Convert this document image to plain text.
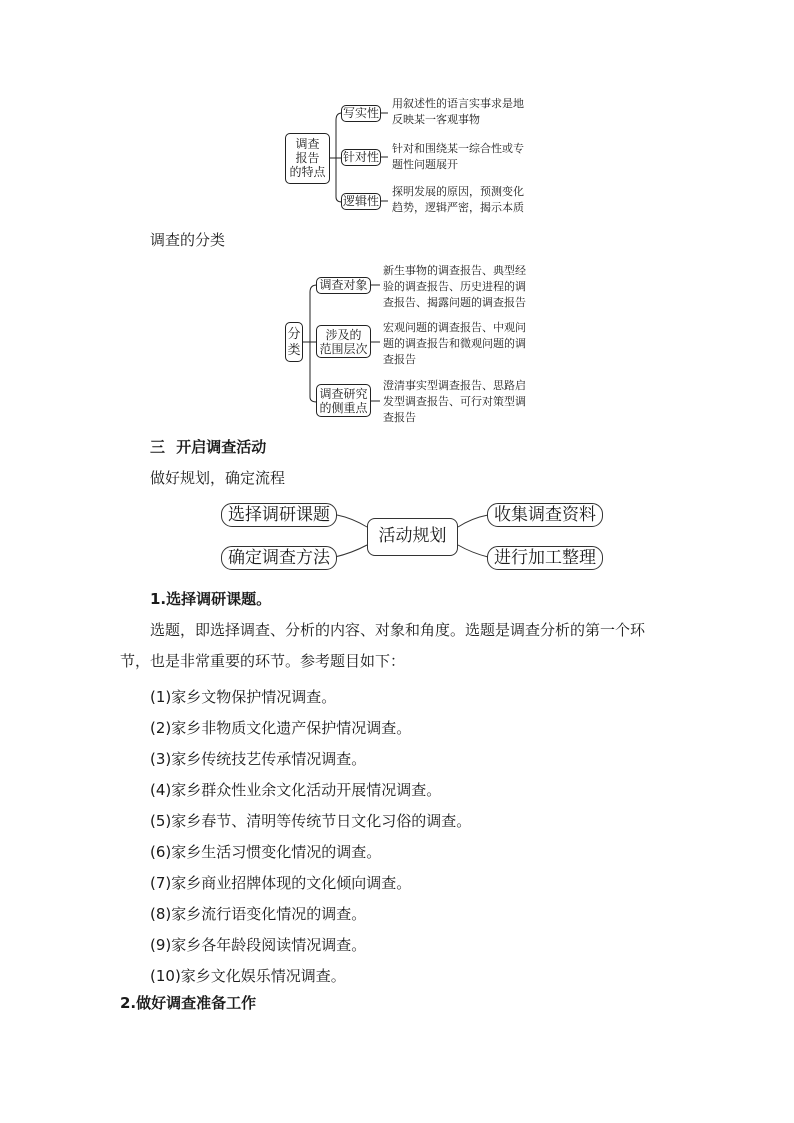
调查
报告
的特点
写实性
用叙述性的语言实事求是地
反映某一客观事物
针对性
针对和围绕某一综合性或专
题性问题展开
逻辑性
探明发展的原因，预测变化
趋势，逻辑严密，揭示本质
调查的分类
分
类
调查对象
新生事物的调查报告、典型经
验的调查报告、历史进程的调
查报告、揭露问题的调查报告
涉及的
范围层次
宏观问题的调查报告、中观问
题的调查报告和微观问题的调
查报告
调查研究
的侧重点
澄清事实型调查报告、思路启
发型调查报告、可行对策型调
查报告
三 开启调查活动
做好规划，确定流程
选择调研课题
确定调查方法
活动规划
收集调查资料
进行加工整理
1.选择调研课题。
选题，即选择调查、分析的内容、对象和角度。选题是调查分析的第一个环
节，也是非常重要的环节。参考题目如下：
(1)家乡文物保护情况调查。
(2)家乡非物质文化遗产保护情况调查。
(3)家乡传统技艺传承情况调查。
(4)家乡群众性业余文化活动开展情况调查。
(5)家乡春节、清明等传统节日文化习俗的调查。
(6)家乡生活习惯变化情况的调查。
(7)家乡商业招牌体现的文化倾向调查。
(8)家乡流行语变化情况的调查。
(9)家乡各年龄段阅读情况调查。
(10)家乡文化娱乐情况调查。
2.做好调查准备工作
